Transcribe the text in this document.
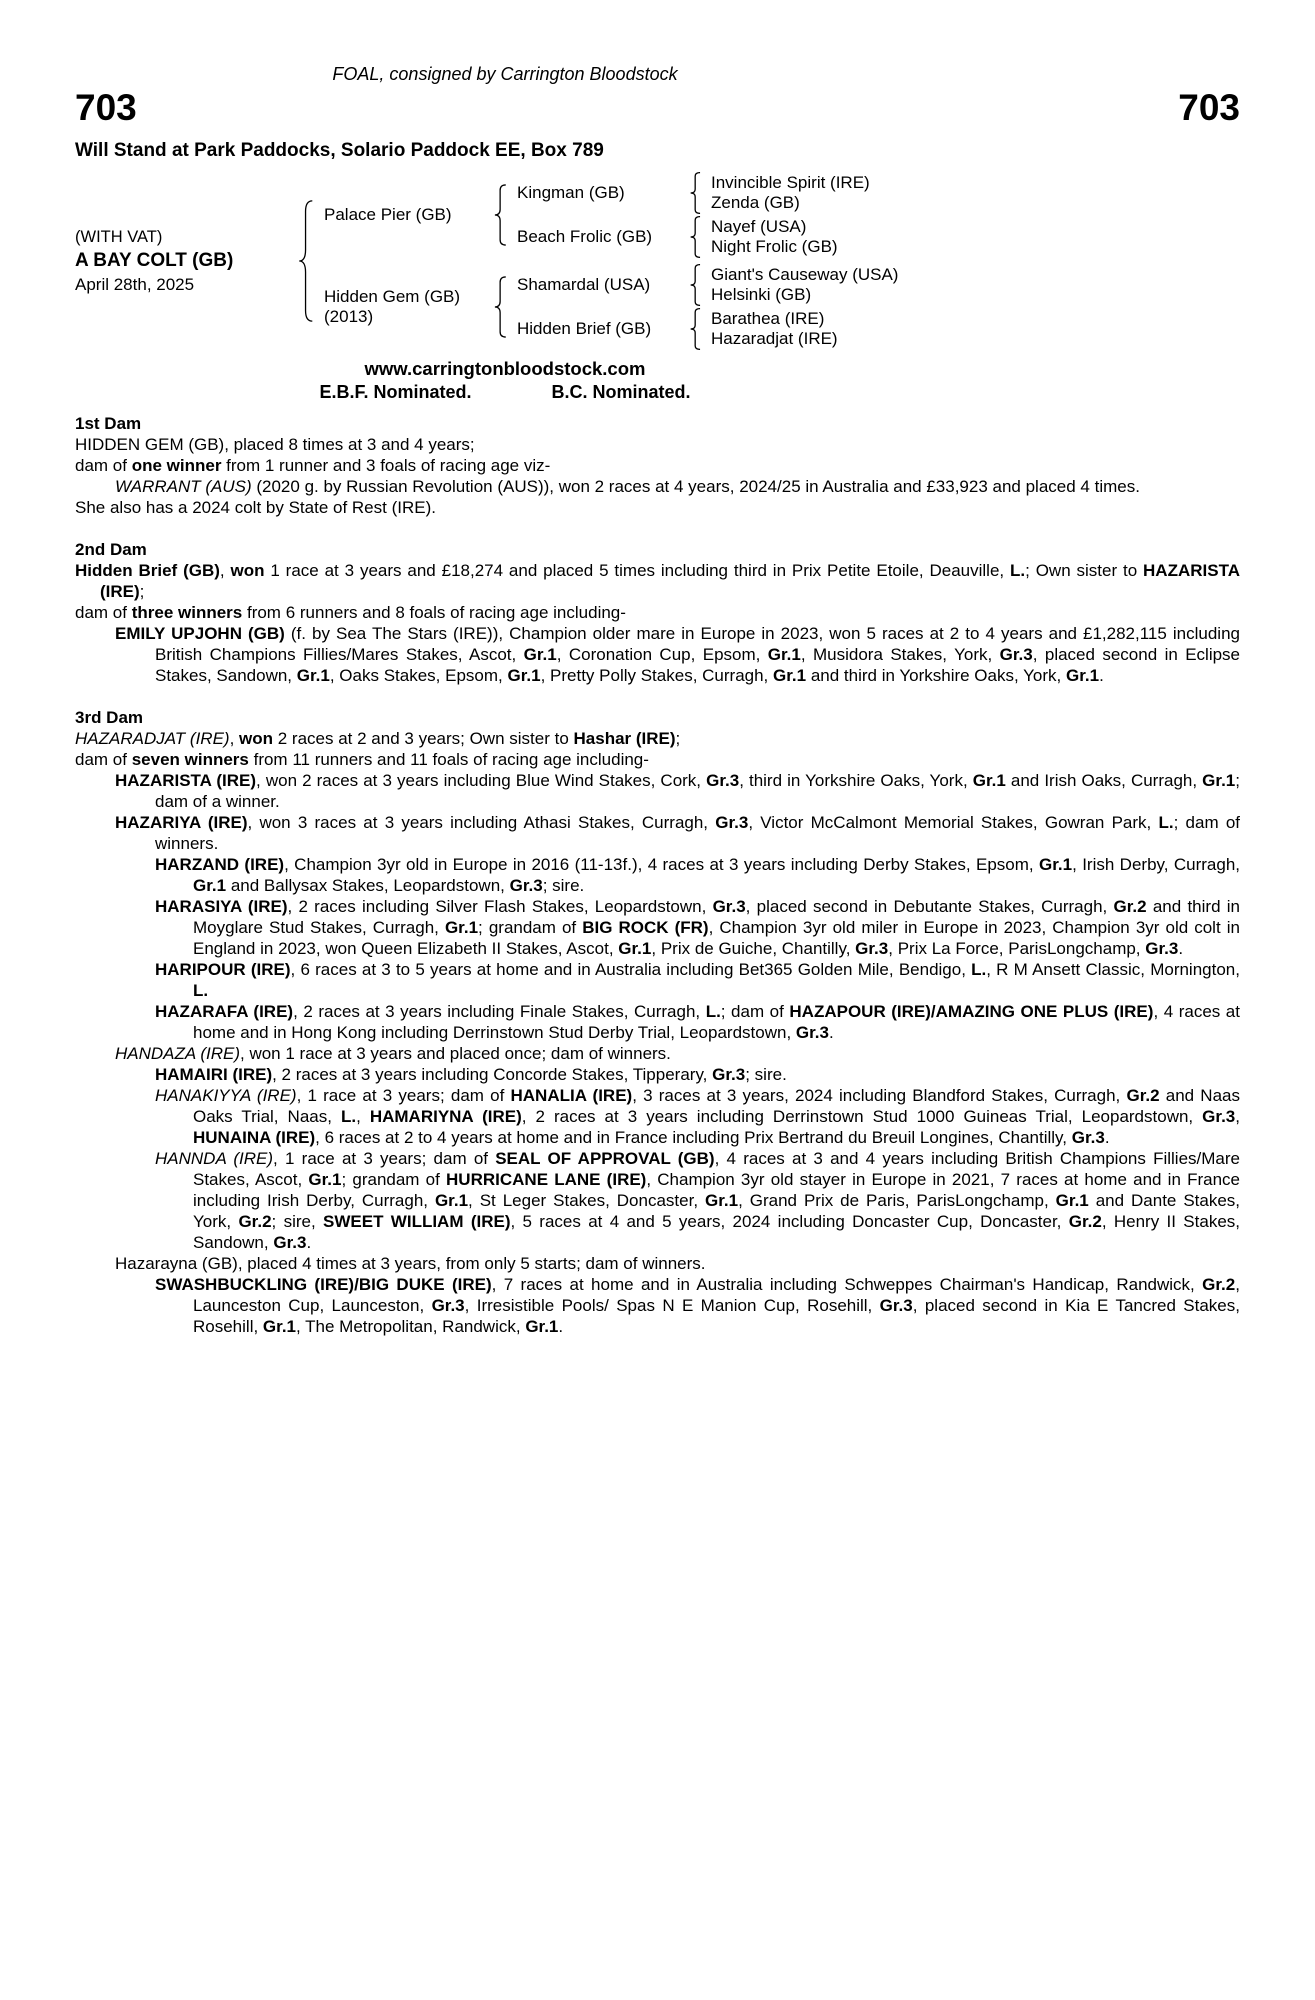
FOAL, consigned by Carrington Bloodstock
703	703
Will Stand at Park Paddocks, Solario Paddock EE, Box 789
(WITH VAT)
A BAY COLT (GB)
April 28th, 2025
Palace Pier (GB)
Kingman (GB)
Invincible Spirit (IRE)
Zenda (GB)
Beach Frolic (GB)
Nayef (USA)
Night Frolic (GB)
Hidden Gem (GB)
(2013)
Shamardal (USA)
Giant's Causeway (USA)
Helsinki (GB)
Hidden Brief (GB)
Barathea (IRE)
Hazaradjat (IRE)
www.carringtonbloodstock.com
E.B.F. Nominated.	B.C. Nominated.
1st Dam

HIDDEN GEM (GB), placed 8 times at 3 and 4 years;

dam of one winner from 1 runner and 3 foals of racing age viz-

WARRANT (AUS) (2020 g. by Russian Revolution (AUS)), won 2 races at 4 years, 2024/25 in Australia and £33,923 and placed 4 times.

She also has a 2024 colt by State of Rest (IRE).

2nd Dam

Hidden Brief (GB), won 1 race at 3 years and £18,274 and placed 5 times including third in Prix Petite Etoile, Deauville, L.; Own sister to HAZARISTA (IRE);

dam of three winners from 6 runners and 8 foals of racing age including-

EMILY UPJOHN (GB) (f. by Sea The Stars (IRE)), Champion older mare in Europe in 2023, won 5 races at 2 to 4 years and £1,282,115 including British Champions Fillies/Mares Stakes, Ascot, Gr.1, Coronation Cup, Epsom, Gr.1, Musidora Stakes, York, Gr.3, placed second in Eclipse Stakes, Sandown, Gr.1, Oaks Stakes, Epsom, Gr.1, Pretty Polly Stakes, Curragh, Gr.1 and third in Yorkshire Oaks, York, Gr.1.

3rd Dam

HAZARADJAT (IRE), won 2 races at 2 and 3 years; Own sister to Hashar (IRE);

dam of seven winners from 11 runners and 11 foals of racing age including-

HAZARISTA (IRE), won 2 races at 3 years including Blue Wind Stakes, Cork, Gr.3, third in Yorkshire Oaks, York, Gr.1 and Irish Oaks, Curragh, Gr.1; dam of a winner.

HAZARIYA (IRE), won 3 races at 3 years including Athasi Stakes, Curragh, Gr.3, Victor McCalmont Memorial Stakes, Gowran Park, L.; dam of winners.

HARZAND (IRE), Champion 3yr old in Europe in 2016 (11-13f.), 4 races at 3 years including Derby Stakes, Epsom, Gr.1, Irish Derby, Curragh, Gr.1 and Ballysax Stakes, Leopardstown, Gr.3; sire.

HARASIYA (IRE), 2 races including Silver Flash Stakes, Leopardstown, Gr.3, placed second in Debutante Stakes, Curragh, Gr.2 and third in Moyglare Stud Stakes, Curragh, Gr.1; grandam of BIG ROCK (FR), Champion 3yr old miler in Europe in 2023, Champion 3yr old colt in England in 2023, won Queen Elizabeth II Stakes, Ascot, Gr.1, Prix de Guiche, Chantilly, Gr.3, Prix La Force, ParisLongchamp, Gr.3.

HARIPOUR (IRE), 6 races at 3 to 5 years at home and in Australia including Bet365 Golden Mile, Bendigo, L., R M Ansett Classic, Mornington, L.

HAZARAFA (IRE), 2 races at 3 years including Finale Stakes, Curragh, L.; dam of HAZAPOUR (IRE)/AMAZING ONE PLUS (IRE), 4 races at home and in Hong Kong including Derrinstown Stud Derby Trial, Leopardstown, Gr.3.

HANDAZA (IRE), won 1 race at 3 years and placed once; dam of winners.

HAMAIRI (IRE), 2 races at 3 years including Concorde Stakes, Tipperary, Gr.3; sire.

HANAKIYYA (IRE), 1 race at 3 years; dam of HANALIA (IRE), 3 races at 3 years, 2024 including Blandford Stakes, Curragh, Gr.2 and Naas Oaks Trial, Naas, L., HAMARIYNA (IRE), 2 races at 3 years including Derrinstown Stud 1000 Guineas Trial, Leopardstown, Gr.3, HUNAINA (IRE), 6 races at 2 to 4 years at home and in France including Prix Bertrand du Breuil Longines, Chantilly, Gr.3.

HANNDA (IRE), 1 race at 3 years; dam of SEAL OF APPROVAL (GB), 4 races at 3 and 4 years including British Champions Fillies/Mare Stakes, Ascot, Gr.1; grandam of HURRICANE LANE (IRE), Champion 3yr old stayer in Europe in 2021, 7 races at home and in France including Irish Derby, Curragh, Gr.1, St Leger Stakes, Doncaster, Gr.1, Grand Prix de Paris, ParisLongchamp, Gr.1 and Dante Stakes, York, Gr.2; sire, SWEET WILLIAM (IRE), 5 races at 4 and 5 years, 2024 including Doncaster Cup, Doncaster, Gr.2, Henry II Stakes, Sandown, Gr.3.

Hazarayna (GB), placed 4 times at 3 years, from only 5 starts; dam of winners.

SWASHBUCKLING (IRE)/BIG DUKE (IRE), 7 races at home and in Australia including Schweppes Chairman's Handicap, Randwick, Gr.2, Launceston Cup, Launceston, Gr.3, Irresistible Pools/ Spas N E Manion Cup, Rosehill, Gr.3, placed second in Kia E Tancred Stakes, Rosehill, Gr.1, The Metropolitan, Randwick, Gr.1.
